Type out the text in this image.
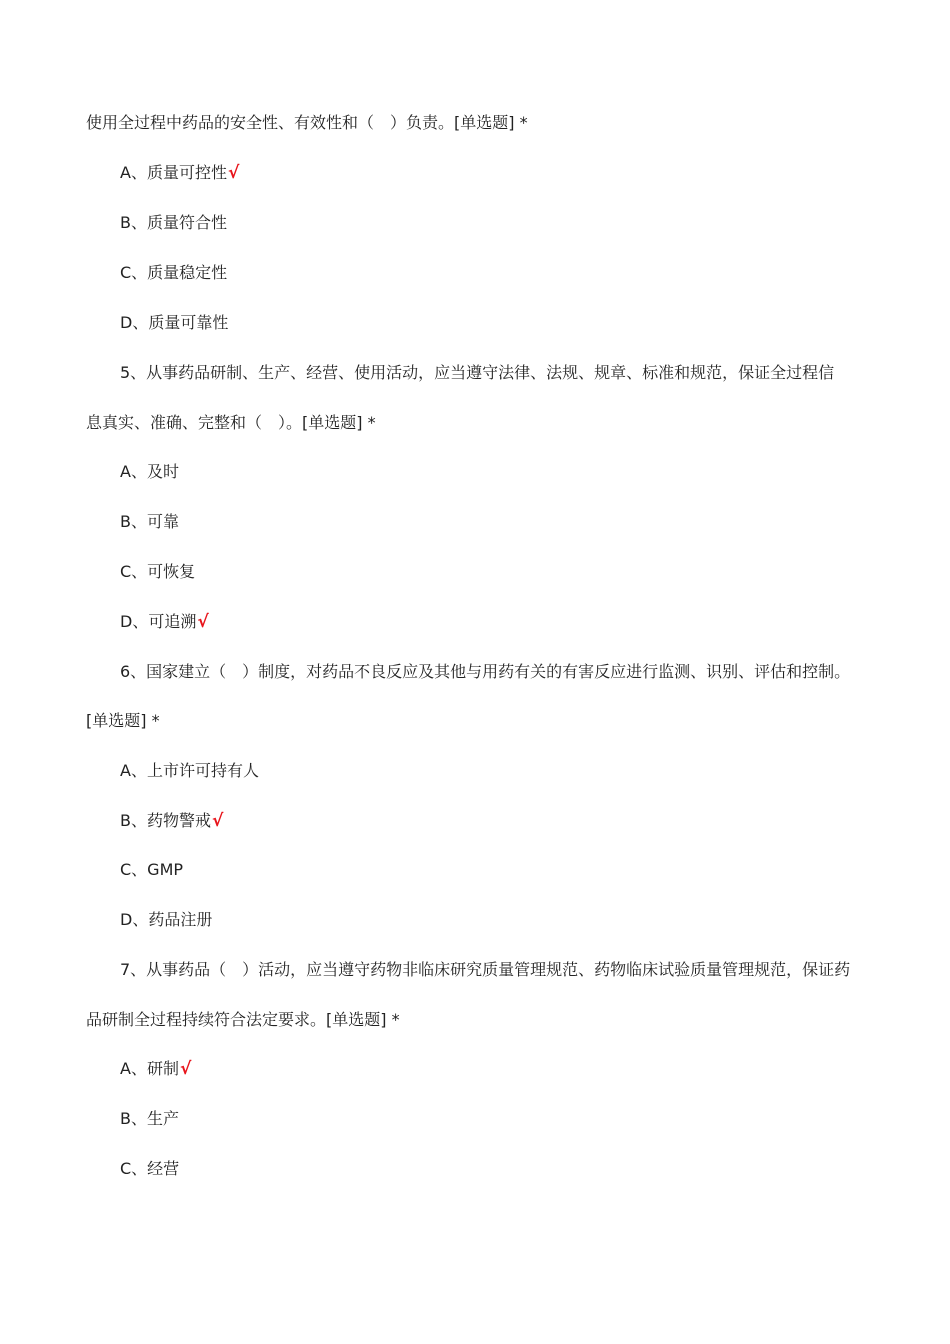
使用全过程中药品的安全性、有效性和（　）负责。[单选题] *
A、质量可控性√
B、质量符合性
C、质量稳定性
D、质量可靠性
5、从事药品研制、生产、经营、使用活动，应当遵守法律、法规、规章、标准和规范，保证全过程信
息真实、准确、完整和（　）。[单选题] *
A、及时
B、可靠
C、可恢复
D、可追溯√
6、国家建立（　）制度，对药品不良反应及其他与用药有关的有害反应进行监测、识别、评估和控制。
[单选题] *
A、上市许可持有人
B、药物警戒√
C、GMP
D、药品注册
7、从事药品（　）活动，应当遵守药物非临床研究质量管理规范、药物临床试验质量管理规范，保证药
品研制全过程持续符合法定要求。[单选题] *
A、研制√
B、生产
C、经营
